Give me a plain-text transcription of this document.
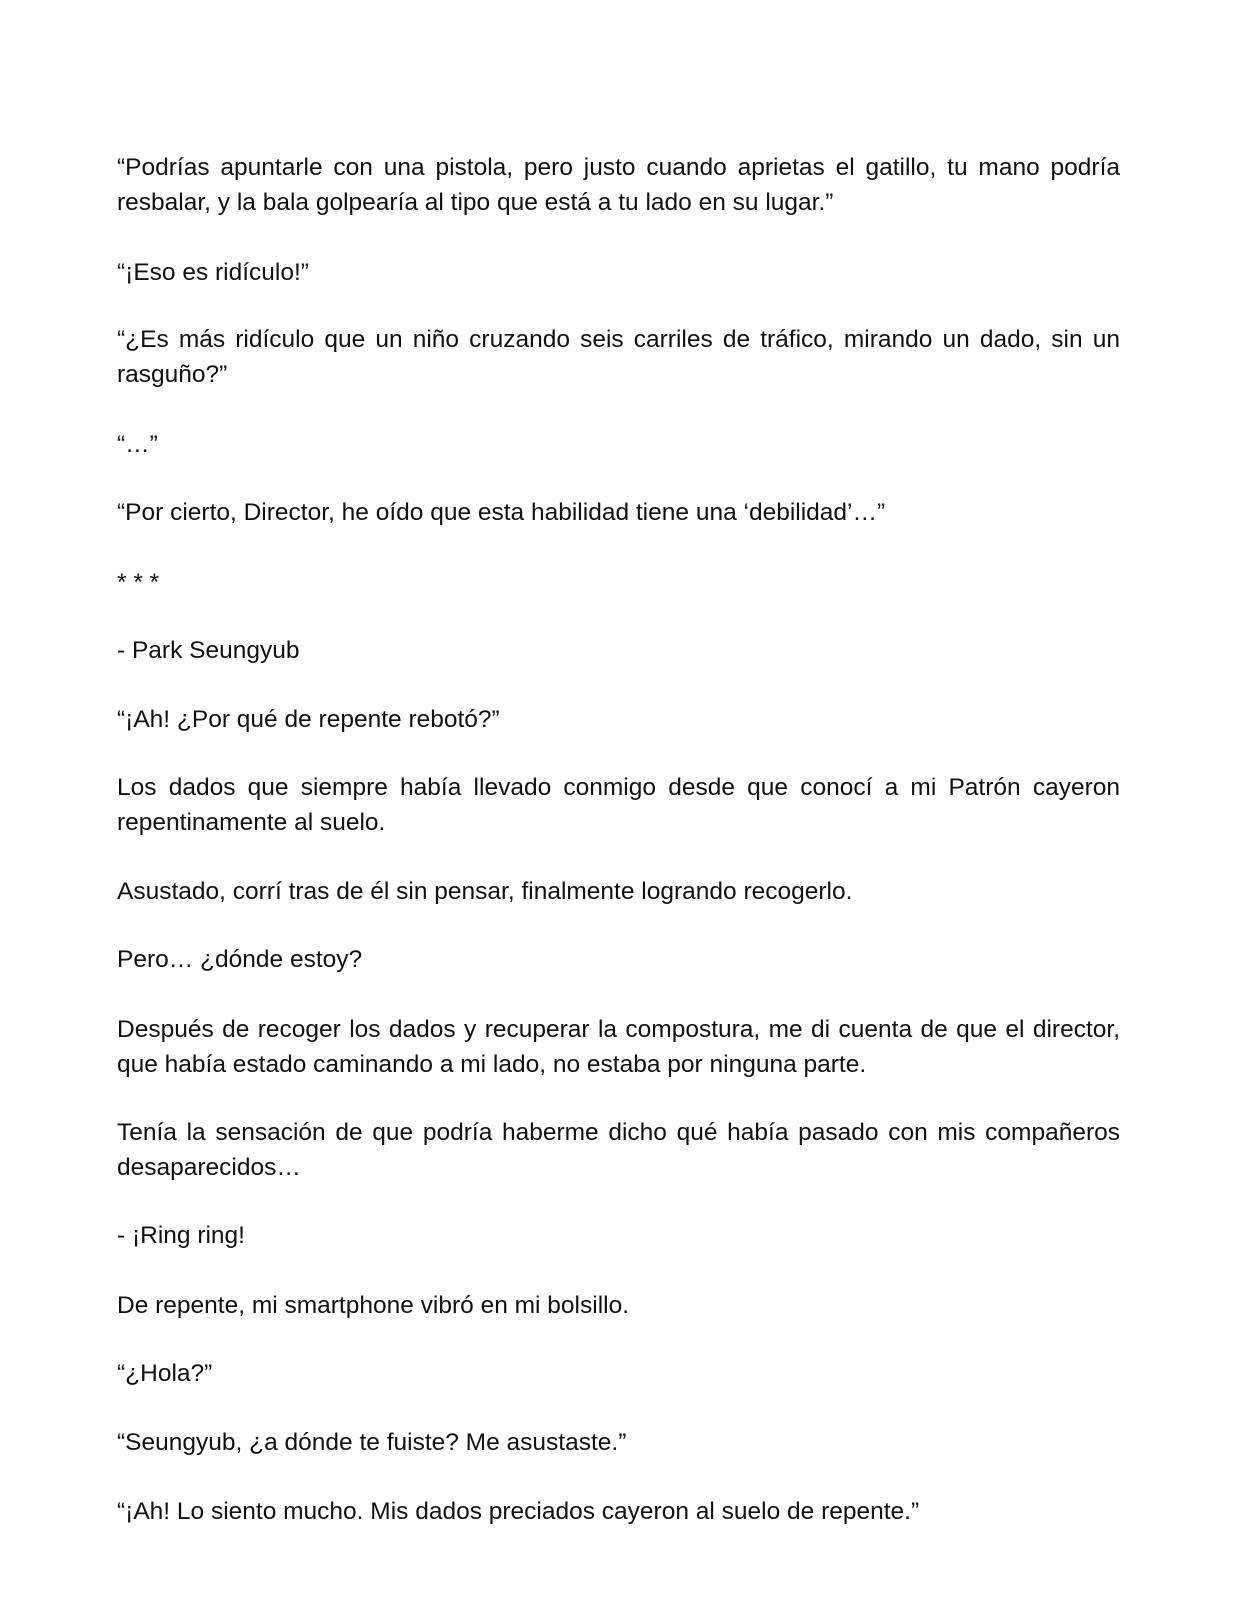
“Podrías apuntarle con una pistola, pero justo cuando aprietas el gatillo, tu mano podría resbalar, y la bala golpearía al tipo que está a tu lado en su lugar.”

“¡Eso es ridículo!”

“¿Es más ridículo que un niño cruzando seis carriles de tráfico, mirando un dado, sin un rasguño?”

“…”

“Por cierto, Director, he oído que esta habilidad tiene una ‘debilidad’…”

* * *

- Park Seungyub

“¡Ah! ¿Por qué de repente rebotó?”

Los dados que siempre había llevado conmigo desde que conocí a mi Patrón cayeron repentinamente al suelo.

Asustado, corrí tras de él sin pensar, finalmente logrando recogerlo.

Pero… ¿dónde estoy?

Después de recoger los dados y recuperar la compostura, me di cuenta de que el director, que había estado caminando a mi lado, no estaba por ninguna parte.

Tenía la sensación de que podría haberme dicho qué había pasado con mis compañeros desaparecidos…

- ¡Ring ring!

De repente, mi smartphone vibró en mi bolsillo.

“¿Hola?”

“Seungyub, ¿a dónde te fuiste? Me asustaste.”

“¡Ah! Lo siento mucho. Mis dados preciados cayeron al suelo de repente.”
